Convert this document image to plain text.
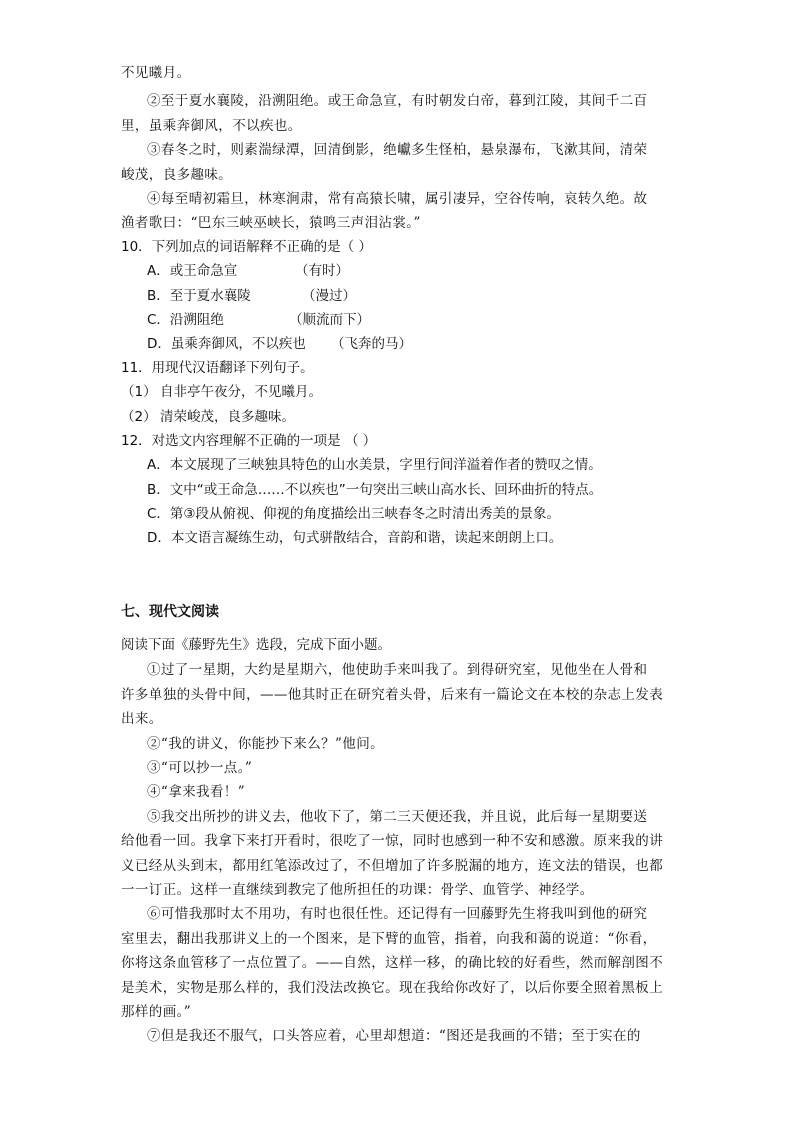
不见曦月。
②至于夏水襄陵，沿溯阻绝。或王命急宣，有时朝发白帝，暮到江陵，其间千二百
里，虽乘奔御风，不以疾也。
③春冬之时，则素湍绿潭，回清倒影，绝巘多生怪柏，悬泉瀑布，飞漱其间，清荣
峻茂，良多趣味。
④每至晴初霜旦，林寒涧肃，常有高猿长啸，属引凄异，空谷传响，哀转久绝。故
渔者歌曰：“巴东三峡巫峡长，猿鸣三声泪沾裳。”
10．下列加点的词语解释不正确的是（ ）
A．或王命急宣	（有时）
B．至于夏水襄陵	（漫过）
C．沿溯阻绝	（顺流而下）
D．虽乘奔御风，不以疾也 （飞奔的马）
11．用现代汉语翻译下列句子。
（1） 自非亭午夜分，不见曦月。
（2） 清荣峻茂，良多趣味。
12．对选文内容理解不正确的一项是 （ ）
A．本文展现了三峡独具特色的山水美景，字里行间洋溢着作者的赞叹之情。
B．文中“或王命急……不以疾也”一句突出三峡山高水长、回环曲折的特点。
C．第③段从俯视、仰视的角度描绘出三峡春冬之时清出秀美的景象。
D．本文语言凝练生动，句式骈散结合，音韵和谐，读起来朗朗上口。
七、现代文阅读
阅读下面《藤野先生》选段，完成下面小题。
①过了一星期，大约是星期六，他使助手来叫我了。到得研究室，见他坐在人骨和
许多单独的头骨中间，——他其时正在研究着头骨，后来有一篇论文在本校的杂志上发表
出来。
②“我的讲义，你能抄下来么？”他问。
③“可以抄一点。”
④“拿来我看！”
⑤我交出所抄的讲义去，他收下了，第二三天便还我，并且说，此后每一星期要送
给他看一回。我拿下来打开看时，很吃了一惊，同时也感到一种不安和感激。原来我的讲
义已经从头到末，都用红笔添改过了，不但增加了许多脱漏的地方，连文法的错误，也都
一一订正。这样一直继续到教完了他所担任的功课：骨学、血管学、神经学。
⑥可惜我那时太不用功，有时也很任性。还记得有一回藤野先生将我叫到他的研究
室里去，翻出我那讲义上的一个图来，是下臂的血管，指着，向我和蔼的说道：“你看，
你将这条血管移了一点位置了。——自然，这样一移，的确比较的好看些，然而解剖图不
是美术，实物是那么样的，我们没法改换它。现在我给你改好了，以后你要全照着黑板上
那样的画。”
⑦但是我还不服气，口头答应着，心里却想道：“图还是我画的不错；至于实在的
